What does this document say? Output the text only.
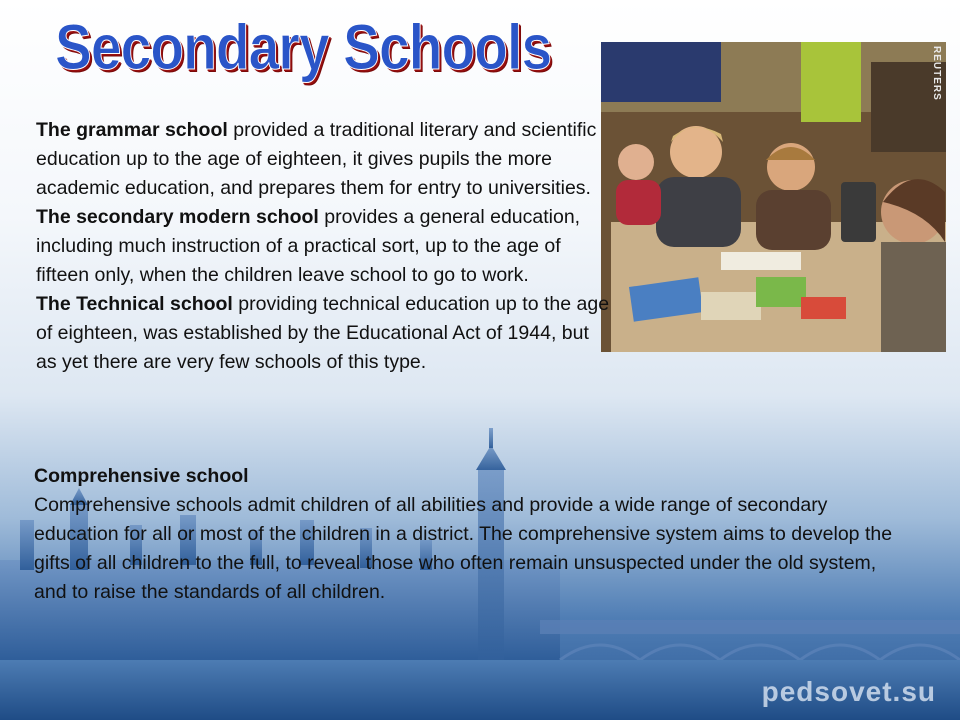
Secondary Schools	REUTERS

The grammar school provided a traditional literary and scientific education up to the age of eighteen, it gives pupils the more academic education, and prepares them for entry to universities.

The secondary modern school provides a general education, including much instruction of a practical sort, up to the age of fifteen only, when the children leave school to go to work.

The Technical school providing technical education up to the age of eighteen, was established by the Educational Act of 1944, but as yet there are very few schools of this type.

Comprehensive school

Comprehensive schools admit children of all abilities and provide a wide range of secondary education for all or most of the children in a district. The comprehensive system aims to develop the gifts of all children to the full, to reveal those who often remain unsuspected under the old system, and to raise the standards of all children.

pedsovet.su
